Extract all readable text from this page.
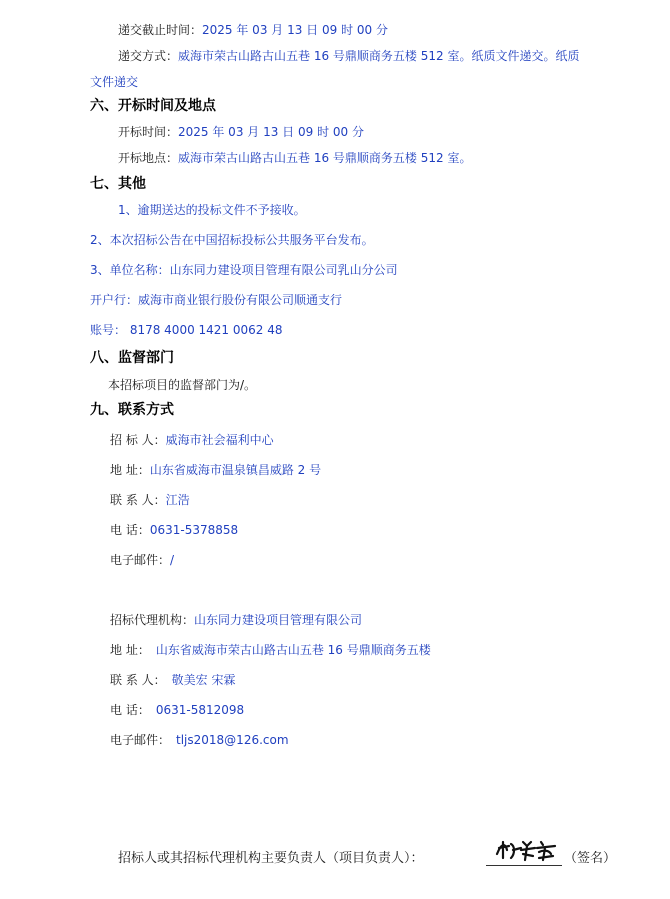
递交截止时间：2025 年 03 月 13 日 09 时 00 分
递交方式：威海市荣古山路古山五巷 16 号鼎顺商务五楼 512 室。纸质文件递交。纸质
文件递交
六、开标时间及地点
开标时间：2025 年 03 月 13 日 09 时 00 分
开标地点：威海市荣古山路古山五巷 16 号鼎顺商务五楼 512 室。
七、其他
1、逾期送达的投标文件不予接收。
2、本次招标公告在中国招标投标公共服务平台发布。
3、单位名称：山东同力建设项目管理有限公司乳山分公司
开户行：威海市商业银行股份有限公司顺通支行
账号： 8178 4000 1421 0062 48
八、监督部门
本招标项目的监督部门为/。
九、联系方式
招 标 人：威海市社会福利中心
地 址：山东省威海市温泉镇昌威路 2 号
联 系 人：江浩
电 话：0631-5378858
电子邮件：/
招标代理机构：山东同力建设项目管理有限公司
地 址： 山东省威海市荣古山路古山五巷 16 号鼎顺商务五楼
联 系 人： 敬美宏 宋霖
电 话： 0631-5812098
电子邮件： tljs2018@126.com
招标人或其招标代理机构主要负责人（项目负责人）：	（签名）
